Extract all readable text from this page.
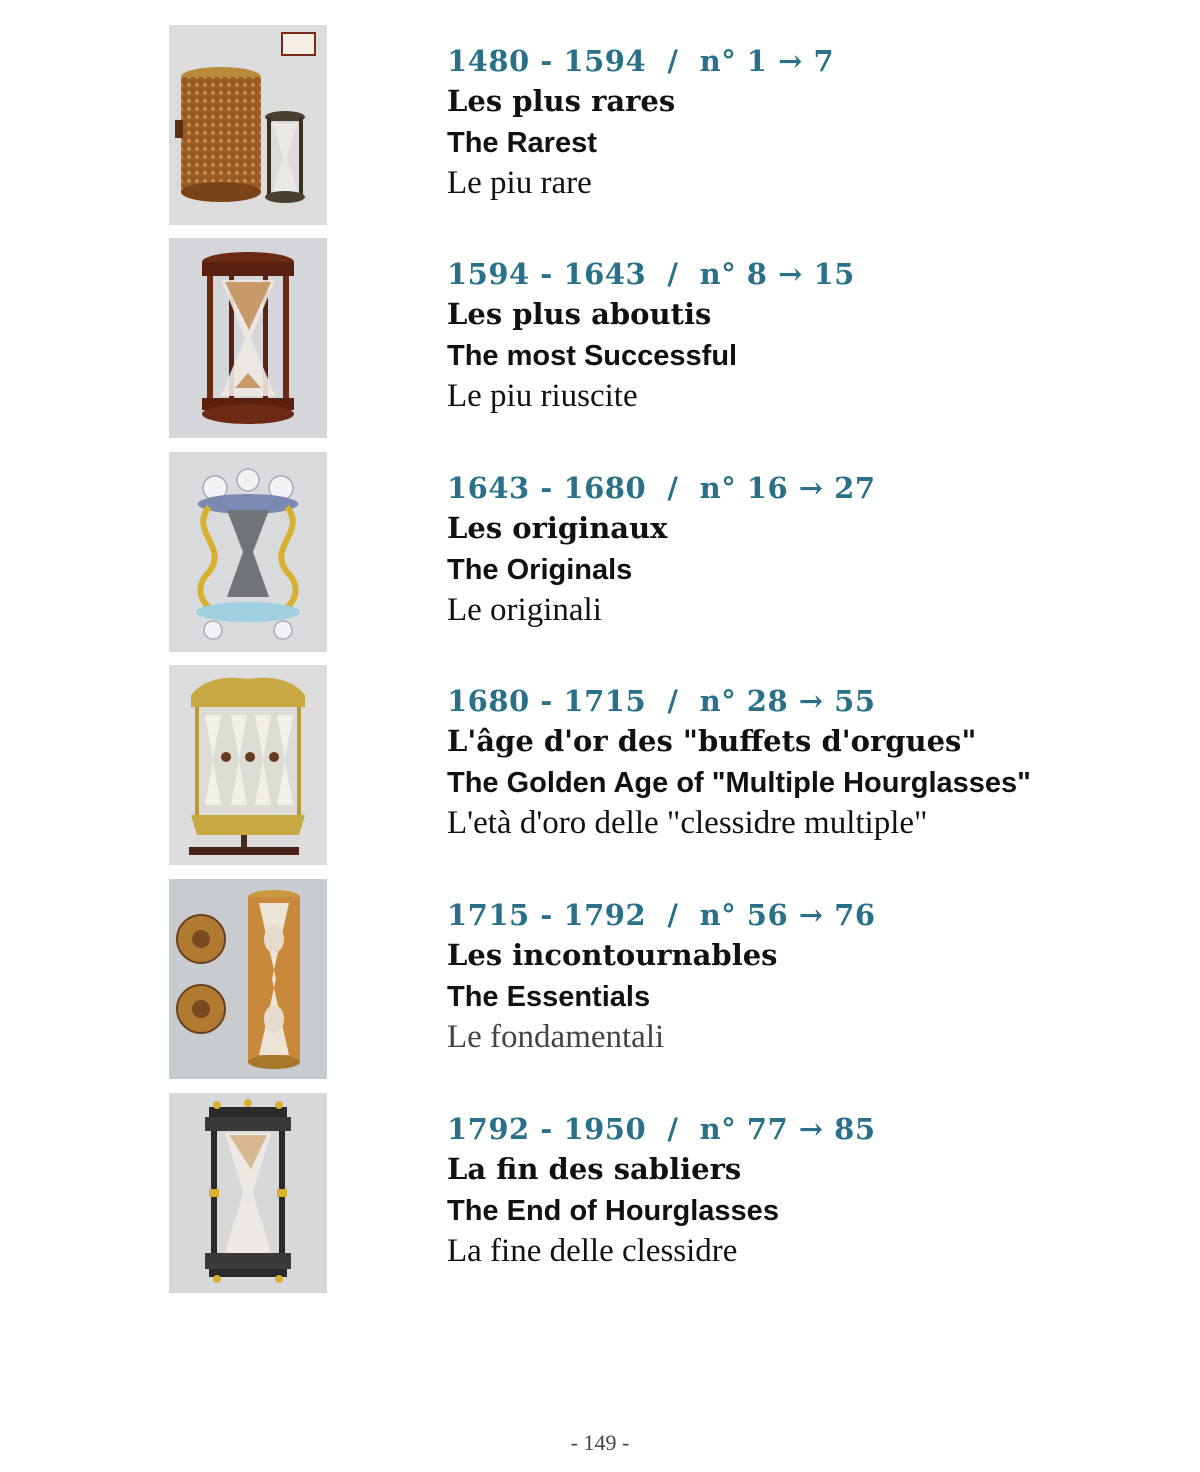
1480 - 1594  /  n° 1 → 7
Les plus rares
The Rarest
Le piu rare
1594 - 1643  /  n° 8 → 15
Les plus aboutis
The most Successful
Le piu riuscite
1643 - 1680  /  n° 16 → 27
Les originaux
The Originals
Le originali
1680 - 1715  /  n° 28 → 55
L'âge d'or des "buffets d'orgues"
The Golden Age of "Multiple Hourglasses"
L'età d'oro delle "clessidre multiple"
1715 - 1792  /  n° 56 → 76
Les incontournables
The Essentials
Le fondamentali
1792 - 1950  /  n° 77 → 85
La fin des sabliers
The End of Hourglasses
La fine delle clessidre
- 149 -
